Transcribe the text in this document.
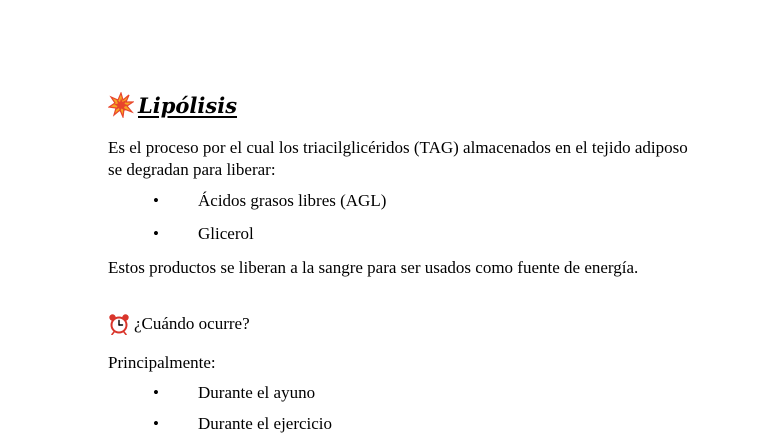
Lipólisis
Es el proceso por el cual los triacilglicéridos (TAG) almacenados en el tejido adiposo se degradan para liberar:
• Ácidos grasos libres (AGL)
• Glicerol
Estos productos se liberan a la sangre para ser usados como fuente de energía.
¿Cuándo ocurre?
Principalmente:
• Durante el ayuno
• Durante el ejercicio
